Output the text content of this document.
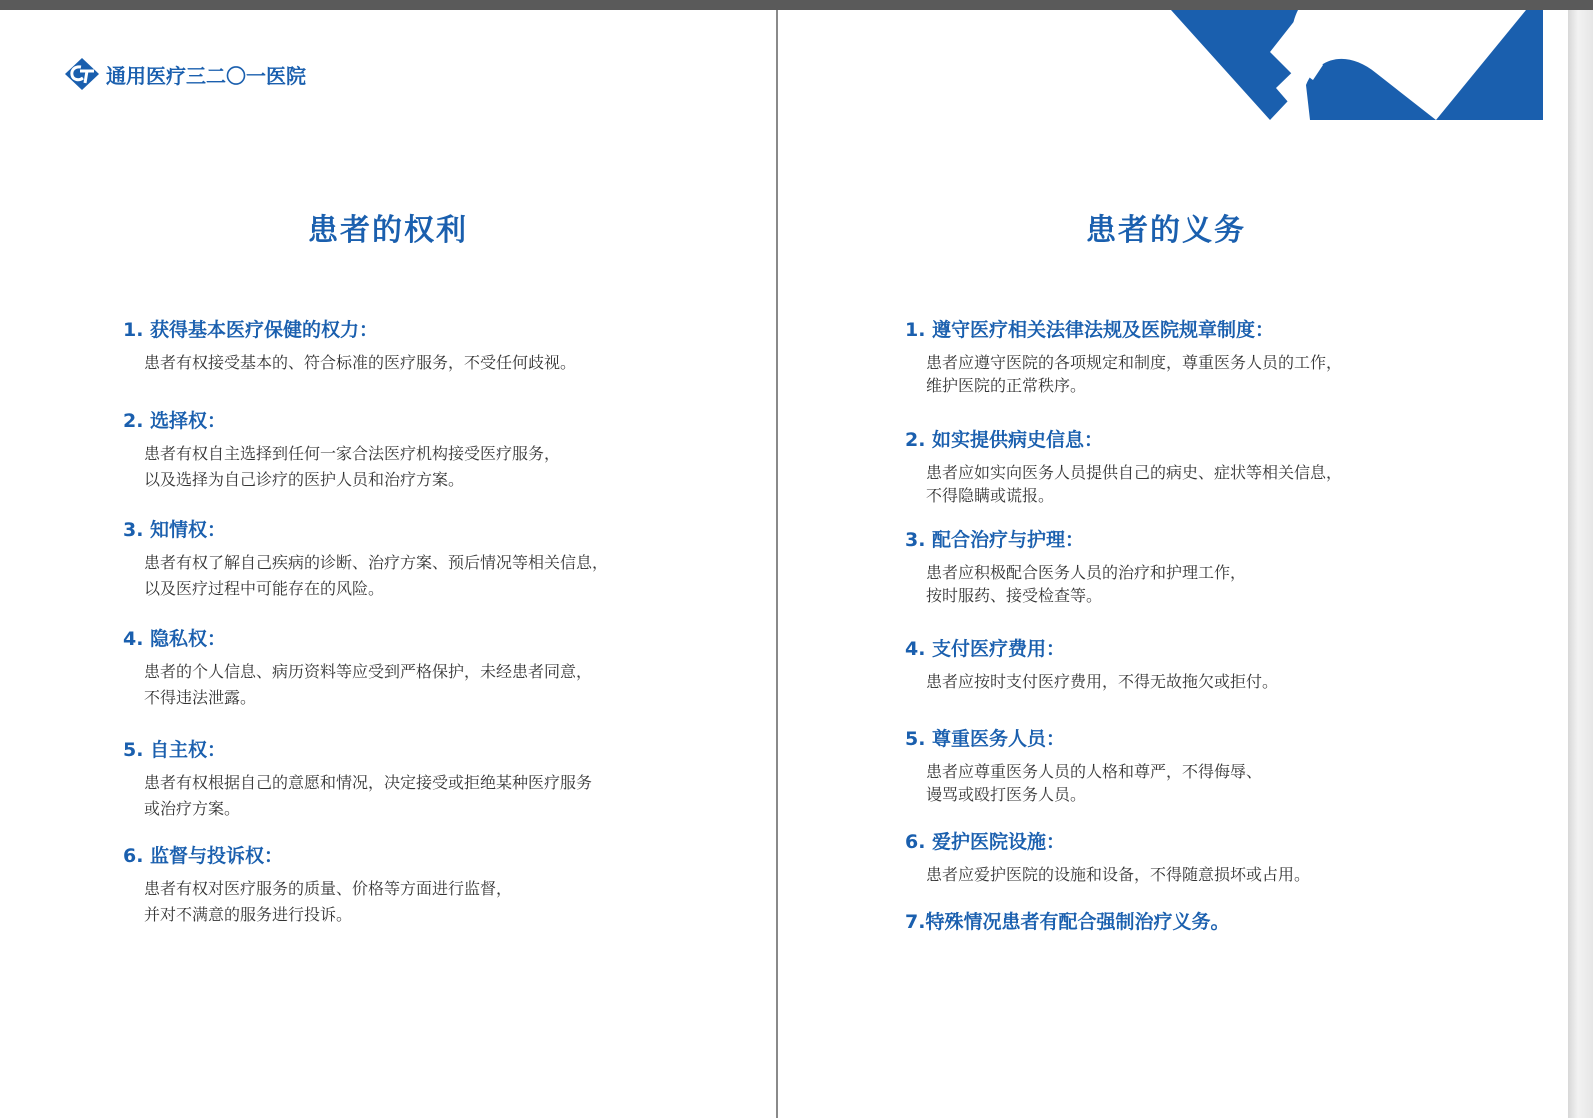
通用医疗三二〇一医院
患者的权利

1. 获得基本医疗保健的权力：

患者有权接受基本的、符合标准的医疗服务，不受任何歧视。

2. 选择权：

患者有权自主选择到任何一家合法医疗机构接受医疗服务，
以及选择为自己诊疗的医护人员和治疗方案。

3. 知情权：

患者有权了解自己疾病的诊断、治疗方案、预后情况等相关信息，
以及医疗过程中可能存在的风险。

4. 隐私权：

患者的个人信息、病历资料等应受到严格保护，未经患者同意，
不得违法泄露。

5. 自主权：

患者有权根据自己的意愿和情况，决定接受或拒绝某种医疗服务
或治疗方案。

6. 监督与投诉权：

患者有权对医疗服务的质量、价格等方面进行监督，
并对不满意的服务进行投诉。
患者的义务

1. 遵守医疗相关法律法规及医院规章制度：

患者应遵守医院的各项规定和制度，尊重医务人员的工作，
维护医院的正常秩序。

2. 如实提供病史信息：

患者应如实向医务人员提供自己的病史、症状等相关信息，
不得隐瞒或谎报。

3. 配合治疗与护理：

患者应积极配合医务人员的治疗和护理工作，
按时服药、接受检查等。

4. 支付医疗费用：

患者应按时支付医疗费用，不得无故拖欠或拒付。

5. 尊重医务人员：

患者应尊重医务人员的人格和尊严，不得侮辱、
谩骂或殴打医务人员。

6. 爱护医院设施：

患者应爱护医院的设施和设备，不得随意损坏或占用。

7.特殊情况患者有配合强制治疗义务。
